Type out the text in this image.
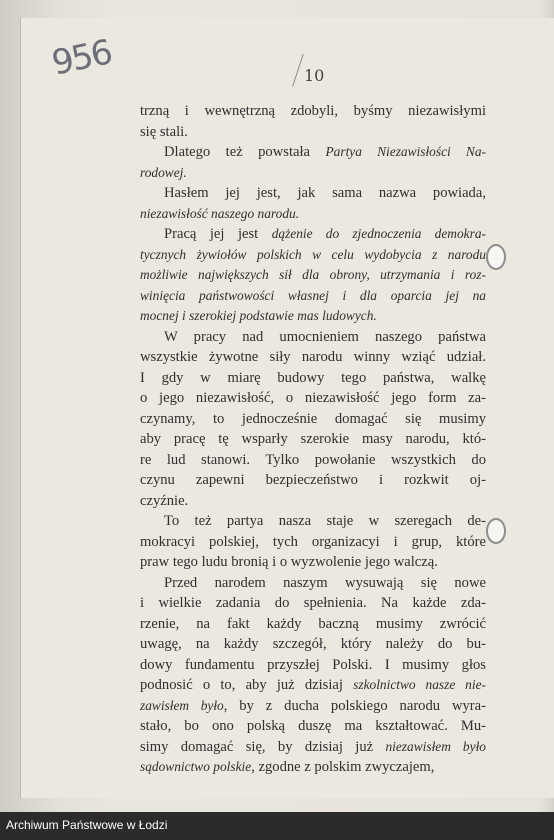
956	10
trzną i wewnętrzną zdobyli, byśmy niezawisłymi
się stali.
Dlatego też powstała Partya Niezawisłości Na-
rodowej.
Hasłem jej jest, jak sama nazwa powiada,
niezawisłość naszego narodu.
Pracą jej jest dążenie do zjednoczenia demokra-
tycznych żywiołów polskich w celu wydobycia z narodu
możliwie największych sił dla obrony, utrzymania i roz-
winięcia państwowości własnej i dla oparcia jej na
mocnej i szerokiej podstawie mas ludowych.
W pracy nad umocnieniem naszego państwa
wszystkie żywotne siły narodu winny wziąć udział.
I gdy w miarę budowy tego państwa, walkę
o jego niezawisłość, o niezawisłość jego form za-
czynamy, to jednocześnie domagać się musimy
aby pracę tę wsparły szerokie masy narodu, któ-
re lud stanowi. Tylko powołanie wszystkich do
czynu zapewni bezpieczeństwo i rozkwit oj-
czyźnie.
To też partya nasza staje w szeregach de-
mokracyi polskiej, tych organizacyi i grup, które
praw tego ludu bronią i o wyzwolenie jego walczą.
Przed narodem naszym wysuwają się nowe
i wielkie zadania do spełnienia. Na każde zda-
rzenie, na fakt każdy baczną musimy zwrócić
uwagę, na każdy szczegół, który należy do bu-
dowy fundamentu przyszłej Polski. I musimy głos
podnosić o to, aby już dzisiaj szkolnictwo nasze nie-
zawisłem było, by z ducha polskiego narodu wyra-
stało, bo ono polską duszę ma kształtować. Mu-
simy domagać się, by dzisiaj już niezawisłem było
sądownictwo polskie, zgodne z polskim zwyczajem,
Archiwum Państwowe w Łodzi
